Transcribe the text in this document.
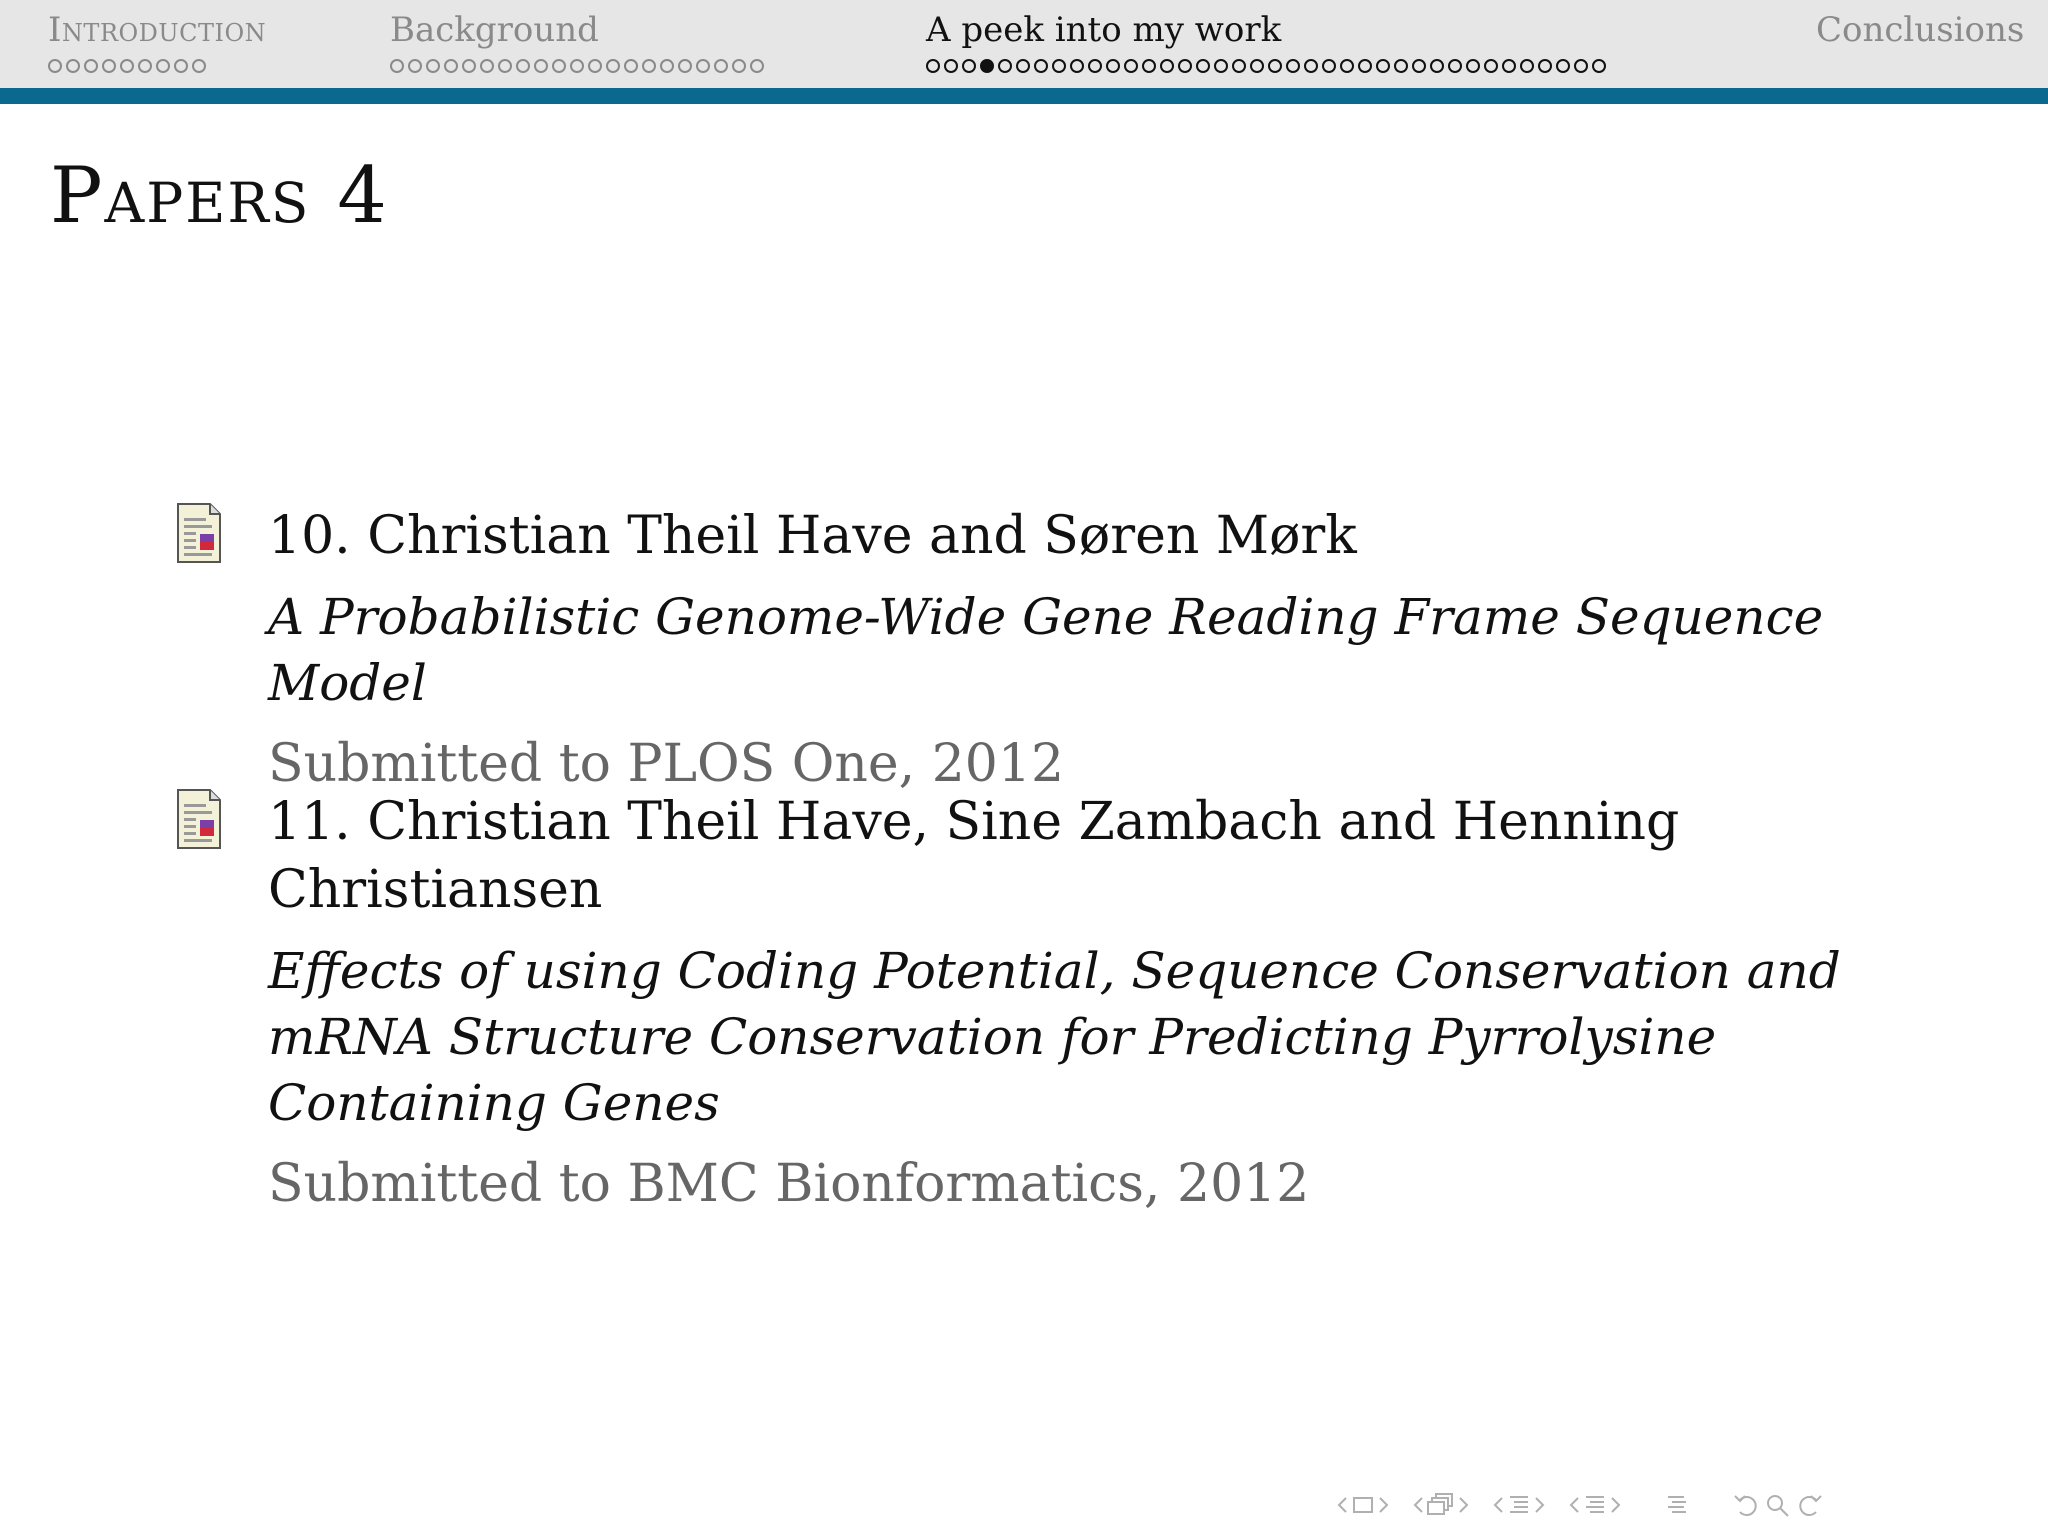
Introduction	Background	A peek into my work	Conclusions
Papers 4
10. Christian Theil Have and Søren Mørk
A Probabilistic Genome-Wide Gene Reading Frame Sequence Model
Submitted to PLOS One, 2012
11. Christian Theil Have, Sine Zambach and Henning Christiansen
Effects of using Coding Potential, Sequence Conservation and mRNA Structure Conservation for Predicting Pyrrolysine Containing Genes
Submitted to BMC Bionformatics, 2012
